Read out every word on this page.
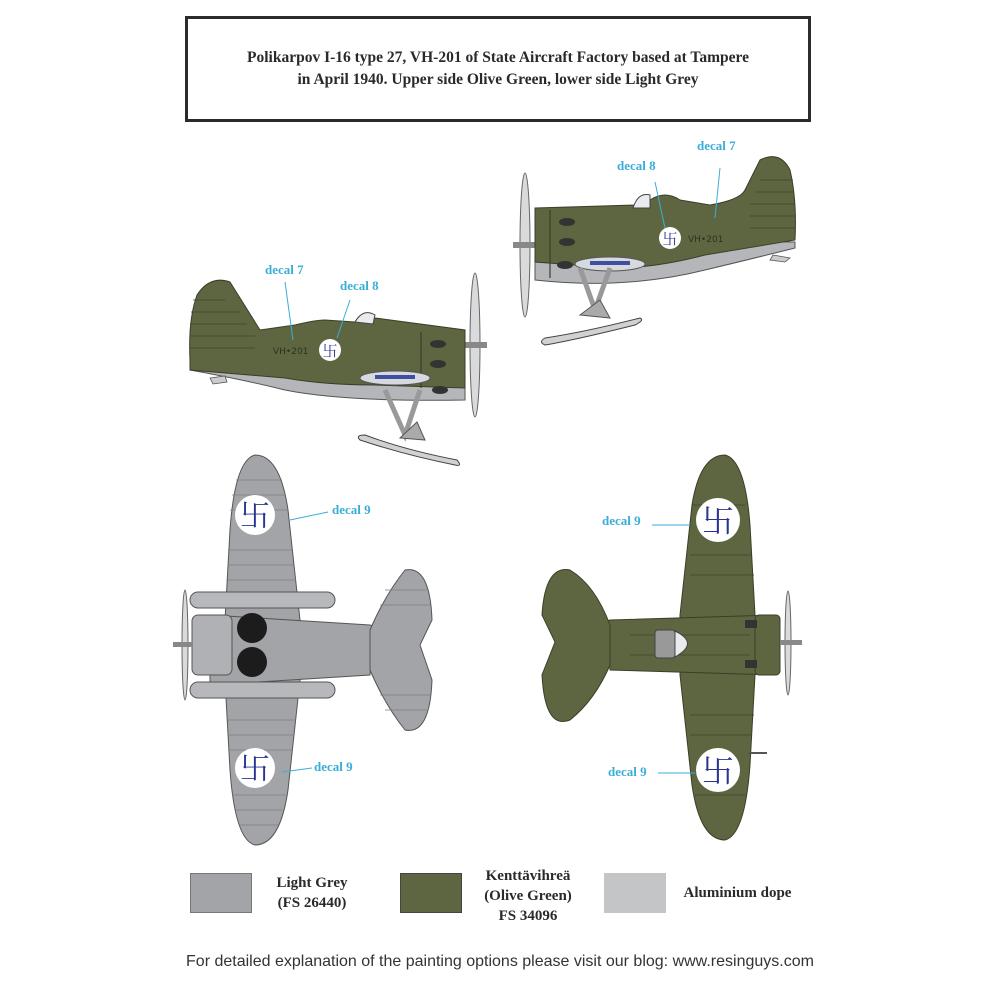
Polikarpov I-16 type 27, VH-201 of State Aircraft Factory based at Tampere
in April 1940. Upper side Olive Green, lower side Light Grey
卐 VH•201
decal 8
decal 7
卐
VH•201
decal 7
decal 8
卐
卐
decal 9
decal 9
卐
卐
decal 9
decal 9
Light Grey
(FS 26440)
Kenttävihreä
(Olive Green)
FS 34096
Aluminium dope
For detailed explanation of the painting options please visit our blog: www.resinguys.com
